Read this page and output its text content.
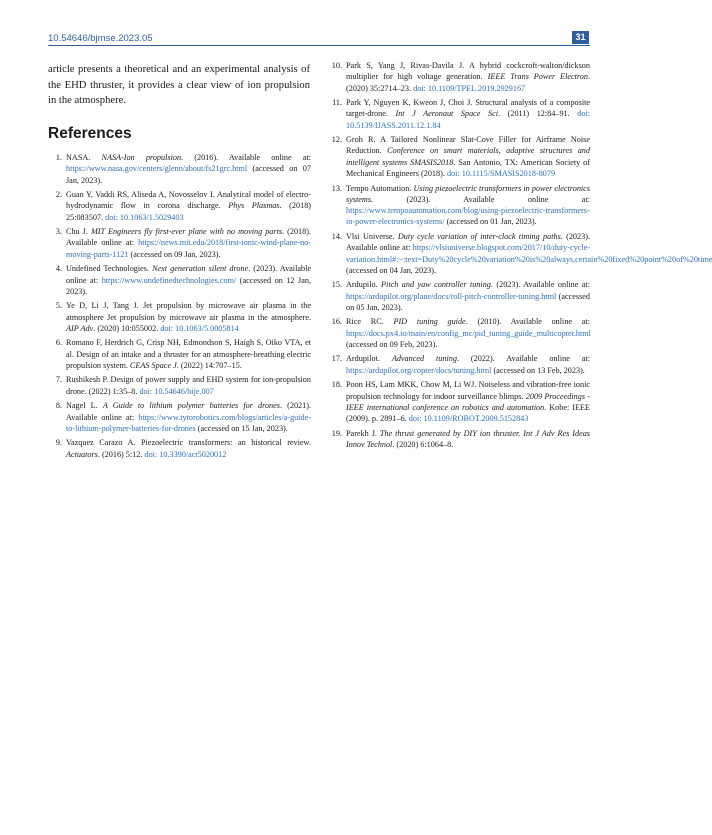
10.54646/bjmse.2023.05	31

article presents a theoretical and an experimental analysis of the EHD thruster, it provides a clear view of ion propulsion in the atmosphere.

References
1. NASA. NASA-Ion propulsion. (2016). Available online at: https://www.nasa.gov/centers/glenn/about/fs21grc.html (accessed on 07 Jan, 2023).
2. Guan Y, Vaddi RS, Aliseda A, Novosselov I. Analytical model of electro-hydrodynamic flow in corona discharge. Phys Plasmas. (2018) 25:083507. doi: 10.1063/1.5029403
3. Chu J. MIT Engineers fly first-ever plane with no moving parts. (2018). Available online at: https://news.mit.edu/2018/first-ionic-wind-plane-no-moving-parts-1121 (accessed on 09 Jan, 2023).
4. Undefined Technologies. Next generation silent drone. (2023). Available online at: https://www.undefinedtechnologies.com/ (accessed on 12 Jan, 2023).
5. Ye D, Li J, Tang J. Jet propulsion by microwave air plasma in the atmosphere Jet propulsion by microwave air plasma in the atmosphere. AIP Adv. (2020) 10:055002. doi: 10.1063/5.0005814
6. Romano F, Herdrich G, Crisp NH, Edmondson S, Haigh S, Oiko VTA, et al. Design of an intake and a thruster for an atmosphere-breathing electric propulsion system. CEAS Space J. (2022) 14:707–15.
7. Rushikesh P. Design of power supply and EHD system for ion-propulsion drone. (2022) 1:35–8. doi: 10.54646/bije.007
8. Nagel L. A Guide to lithium polymer batteries for drones. (2021). Available online at: https://www.tytorobotics.com/blogs/articles/a-guide-to-lithium-polymer-batteries-for-drones (accessed on 15 Jan, 2023).
9. Vazquez Carazo A. Piezoelectric transformers: an historical review. Actuators. (2016) 5:12. doi: 10.3390/act5020012
10. Park S, Yang J, Rivas-Davila J. A hybrid cockcroft-walton/dickson multiplier for high voltage generation. IEEE Trans Power Electron. (2020) 35:2714–23. doi: 10.1109/TPEL.2019.2929167
11. Park Y, Nguyen K, Kweon J, Choi J. Structural analysis of a composite target-drone. Int J Aeronaut Space Sci. (2011) 12:84–91. doi: 10.5139/IJASS.2011.12.1.84
12. Groh R. A Tailored Nonlinear Slat-Cove Filler for Airframe Noise Reduction. Conference on smart materials, adaptive structures and intelligent systems SMASIS2018. San Antonio, TX: American Society of Mechanical Engineers (2018). doi: 10.1115/SMASIS2018-8079
13. Tempo Automation. Using piezoelectric transformers in power electronics systems. (2023). Available online at: https://www.tempoautomation.com/blog/using-piezoelectric-transformers-in-power-electronics-systems/ (accessed on 01 Jan, 2023).
14. Vlsi Universe. Duty cycle variation of inter-clock timing paths. (2023). Available online at: https://vlsiuniverse.blogspot.com/2017/10/duty-cycle-variation.html#:~:text=Duty%20cycle%20variation%20is%20always,certain%20fixed%20point%20of%20time (accessed on 04 Jan, 2023).
15. Ardupilo. Pitch and yaw controller tuning. (2023). Available online at: https://ardupilot.org/plane/docs/roll-pitch-controller-tuning.html (accessed on 05 Jan, 2023).
16. Rice RC. PID tuning guide. (2010). Available online at: https://docs.px4.io/main/en/config_mc/pid_tuning_guide_multicopter.html (accessed on 09 Feb, 2023).
17. Ardupilot. Advanced tuning. (2022). Available online at: https://ardupilot.org/copter/docs/tuning.html (accessed on 13 Feb, 2023).
18. Poon HS, Lam MKK, Chow M, Li WJ. Noiseless and vibration-free ionic propulsion technology for indoor surveillance blimps. 2009 Proceedings - IEEE international conference on robotics and automation. Kobe: IEEE (2009). p. 2891–6. doi: 10.1109/ROBOT.2009.5152843
19. Parekh J. The thrust generated by DIY ion thruster. Int J Adv Res Ideas Innov Technol. (2020) 6:1064–8.
